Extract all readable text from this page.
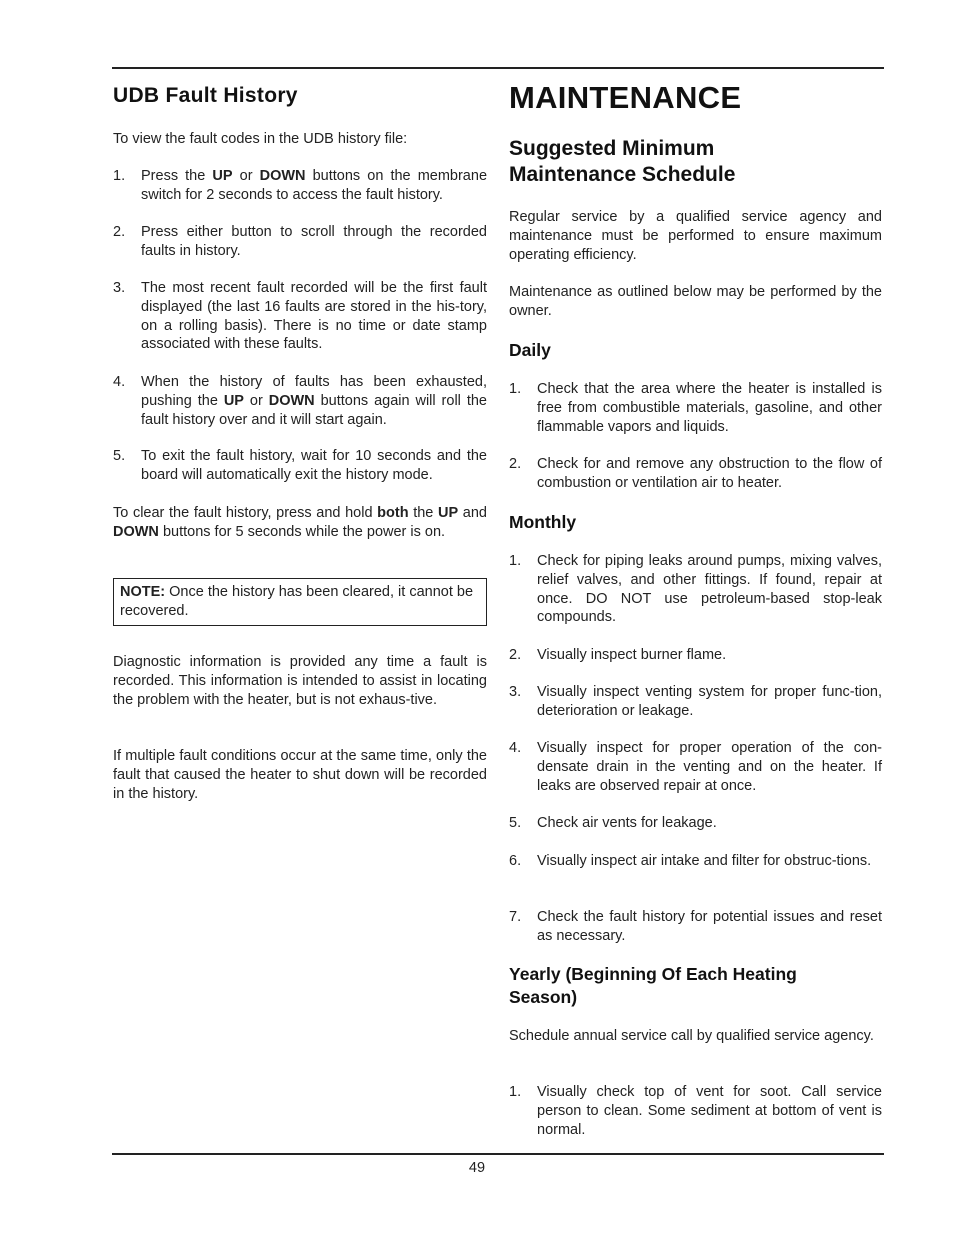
UDB Fault History

To view the fault codes in the UDB history file:

1.	Press the UP or DOWN buttons on the membrane switch for 2 seconds to access the fault history.
2.	Press either button to scroll through the recorded faults in history.
3.	The most recent fault recorded will be the first fault displayed (the last 16 faults are stored in the his-tory, on a rolling basis). There is no time or date stamp associated with these faults.
4.	When the history of faults has been exhausted, pushing the UP or DOWN buttons again will roll the fault history over and it will start again.
5.	To exit the fault history, wait for 10 seconds and the board will automatically exit the history mode.

To clear the fault history, press and hold both the UP and DOWN buttons for 5 seconds while the power is on.

NOTE: Once the history has been cleared, it cannot be recovered.

Diagnostic information is provided any time a fault is recorded. This information is intended to assist in locating the problem with the heater, but is not exhaus-tive.

If multiple fault conditions occur at the same time, only the fault that caused the heater to shut down will be recorded in the history.

MAINTENANCE
Suggested Minimum
Maintenance Schedule

Regular service by a qualified service agency and maintenance must be performed to ensure maximum operating efficiency.

Maintenance as outlined below may be performed by the owner.

Daily
1.	Check that the area where the heater is installed is free from combustible materials, gasoline, and other flammable vapors and liquids.
2.	Check for and remove any obstruction to the flow of combustion or ventilation air to heater.
Monthly
1.	Check for piping leaks around pumps, mixing valves, relief valves, and other fittings. If found, repair at once. DO NOT use petroleum-based stop-leak compounds.
2.	Visually inspect burner flame.
3.	Visually inspect venting system for proper func-tion, deterioration or leakage.
4.	Visually inspect for proper operation of the con-densate drain in the venting and on the heater. If leaks are observed repair at once.
5.	Check air vents for leakage.
6.	Visually inspect air intake and filter for obstruc-tions.
7.	Check the fault history for potential issues and reset as necessary.
Yearly (Beginning Of Each Heating
Season)

Schedule annual service call by qualified service agency.

1.	Visually check top of vent for soot. Call service person to clean. Some sediment at bottom of vent is normal.
49
